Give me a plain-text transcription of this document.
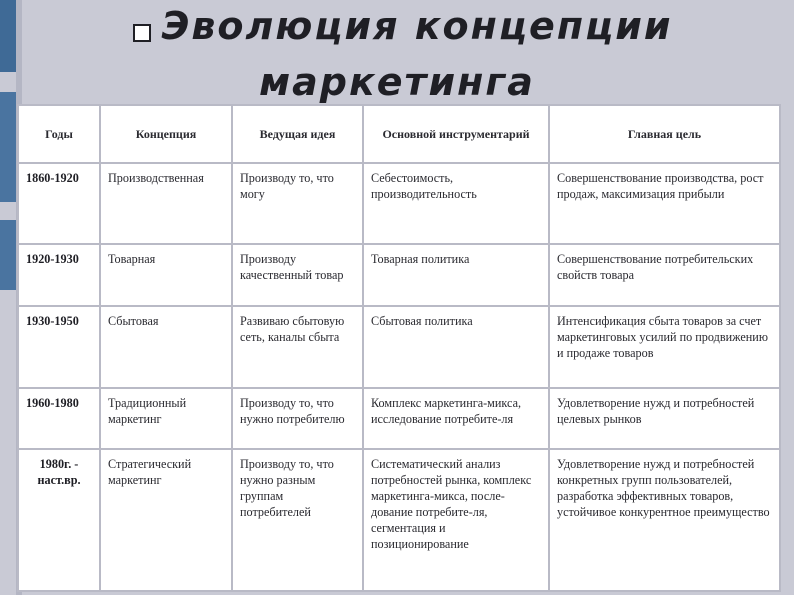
Эволюция концепции
маркетинга
Годы	Концепция	Ведущая идея	Основной инструментарий	Главная цель
1860-1920	Производственная	Производу то, что могу	Себестоимость, производительность	Совершенствование производства, рост продаж, максимизация прибыли
1920-1930	Товарная	Производу качественный товар	Товарная политика	Совершенствование потребительских свойств товара
1930-1950	Сбытовая	Развиваю сбытовую сеть, каналы сбыта	Сбытовая политика	Интенсификация сбыта товаров за счет маркетинговых усилий по продвижению и продаже товаров
1960-1980	Традиционный маркетинг	Производу то, что нужно потребителю	Комплекс маркетинга-микса, исследование потребите-ля	Удовлетворение нужд и потребностей целевых рынков
1980г. - наст.вр.	Стратегический маркетинг	Производу то, что нужно разным группам потребителей	Систематический анализ потребностей рынка, комплекс маркетинга-микса, после-дование потребите-ля, сегментация и позиционирование	Удовлетворение нужд и потребностей конкретных групп пользователей, разработка эффективных товаров, устойчивое конкурентное преимущество
